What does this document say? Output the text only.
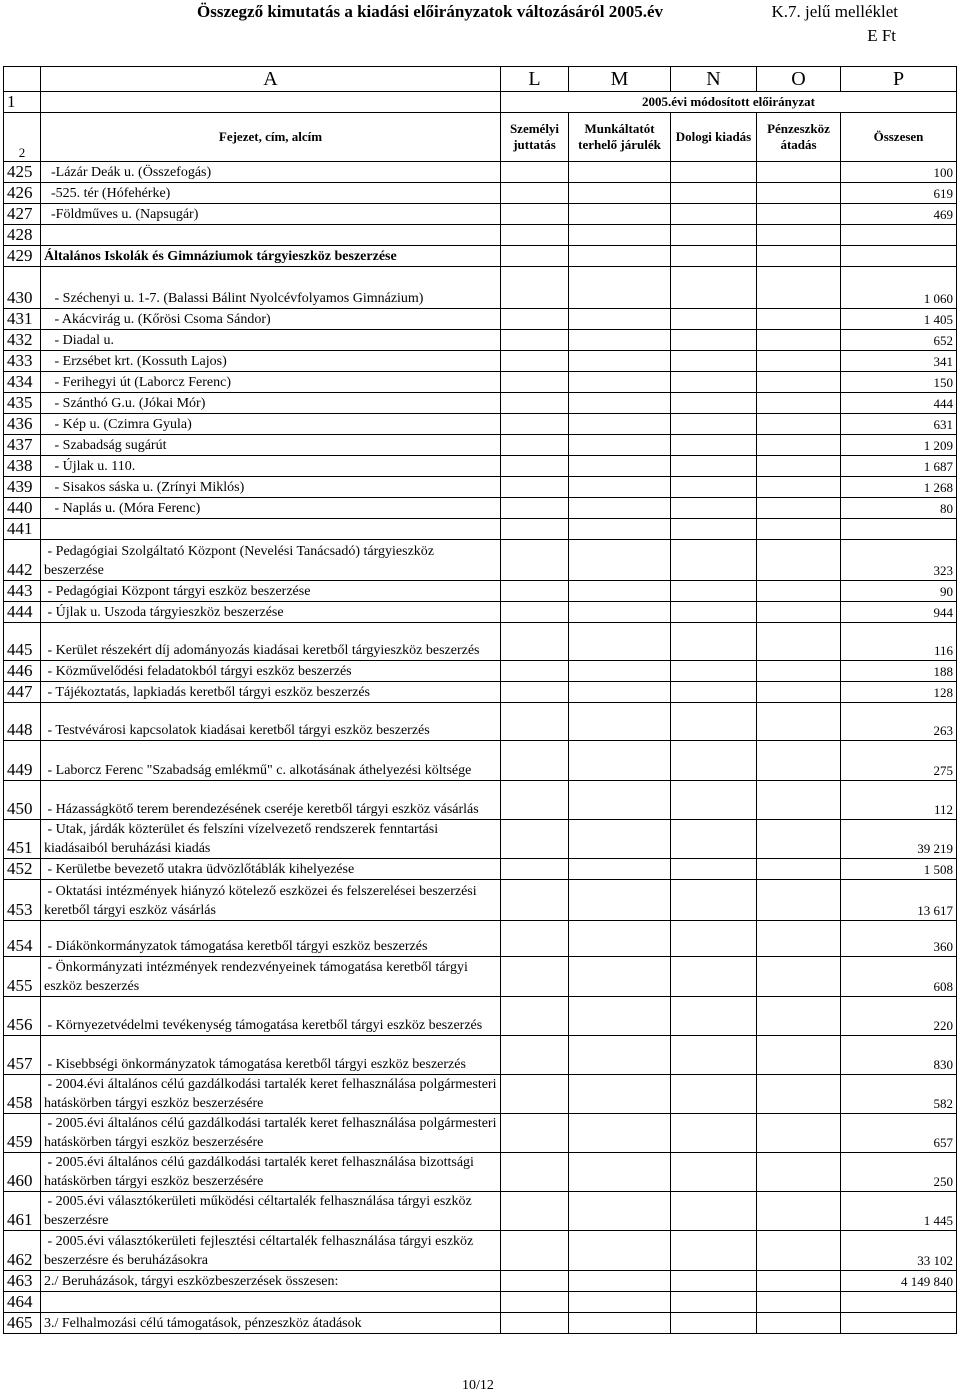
Összegző kimutatás a kiadási előirányzatok változásáról 2005.év	K.7. jelű melléklet
E Ft
	A	L	M	N	O	P
1		2005.évi módosított előirányzat				
2	Fejezet, cím, alcím	Személyi juttatás	Munkáltatót terhelő járulék	Dologi kiadás	Pénzeszköz átadás	Összesen
425	-Lázár Deák u. (Összefogás)					100
426	-525. tér (Hófehérke)					619
427	-Földműves u. (Napsugár)					469
428						
429	Általános Iskolák és Gimnáziumok tárgyieszköz beszerzése					
430	- Széchenyi u. 1-7. (Balassi Bálint Nyolcévfolyamos Gimnázium)					1 060
431	- Akácvirág u. (Kőrösi Csoma Sándor)					1 405
432	- Diadal u.					652
433	- Erzsébet krt. (Kossuth Lajos)					341
434	- Ferihegyi út (Laborcz Ferenc)					150
435	- Szánthó G.u. (Jókai Mór)					444
436	- Kép u. (Czimra Gyula)					631
437	- Szabadság sugárút					1 209
438	- Újlak u. 110.					1 687
439	- Sisakos sáska u. (Zrínyi Miklós)					1 268
440	- Naplás u. (Móra Ferenc)					80
441						
442	- Pedagógiai Szolgáltató Központ (Nevelési Tanácsadó) tárgyieszköz beszerzése					323
443	- Pedagógiai Központ tárgyi eszköz beszerzése					90
444	- Újlak u. Uszoda tárgyieszköz beszerzése					944
445	- Kerület részekért díj adományozás kiadásai keretből tárgyieszköz beszerzés					116
446	- Közművelődési feladatokból tárgyi eszköz beszerzés					188
447	- Tájékoztatás, lapkiadás keretből tárgyi eszköz beszerzés					128
448	- Testvévárosi kapcsolatok kiadásai keretből tárgyi eszköz beszerzés					263
449	- Laborcz Ferenc "Szabadság emlékmű" c. alkotásának áthelyezési költsége					275
450	- Házasságkötő terem berendezésének cseréje keretből tárgyi eszköz vásárlás					112
451	- Utak, járdák közterület és felszíni vízelvezető rendszerek fenntartási kiadásaiból beruházási kiadás					39 219
452	- Kerületbe bevezető utakra üdvözlőtáblák kihelyezése					1 508
453	- Oktatási intézmények hiányzó kötelező eszközei és felszerelései beszerzési keretből tárgyi eszköz vásárlás					13 617
454	- Diákönkormányzatok támogatása keretből tárgyi eszköz beszerzés					360
455	- Önkormányzati intézmények rendezvényeinek támogatása keretből tárgyi eszköz beszerzés					608
456	- Környezetvédelmi tevékenység támogatása keretből tárgyi eszköz beszerzés					220
457	- Kisebbségi önkormányzatok támogatása keretből tárgyi eszköz beszerzés					830
458	- 2004.évi általános célú gazdálkodási tartalék keret felhasználása polgármesteri hatáskörben tárgyi eszköz beszerzésére					582
459	- 2005.évi általános célú gazdálkodási tartalék keret felhasználása polgármesteri hatáskörben tárgyi eszköz beszerzésére					657
460	- 2005.évi általános célú gazdálkodási tartalék keret felhasználása bizottsági hatáskörben tárgyi eszköz beszerzésére					250
461	- 2005.évi választókerületi működési céltartalék felhasználása tárgyi eszköz beszerzésre					1 445
462	- 2005.évi választókerületi fejlesztési céltartalék felhasználása tárgyi eszköz beszerzésre és beruházásokra					33 102
463	2./ Beruházások, tárgyi eszközbeszerzések összesen:					4 149 840
464						
465	3./ Felhalmozási célú támogatások, pénzeszköz átadások					
10/12
